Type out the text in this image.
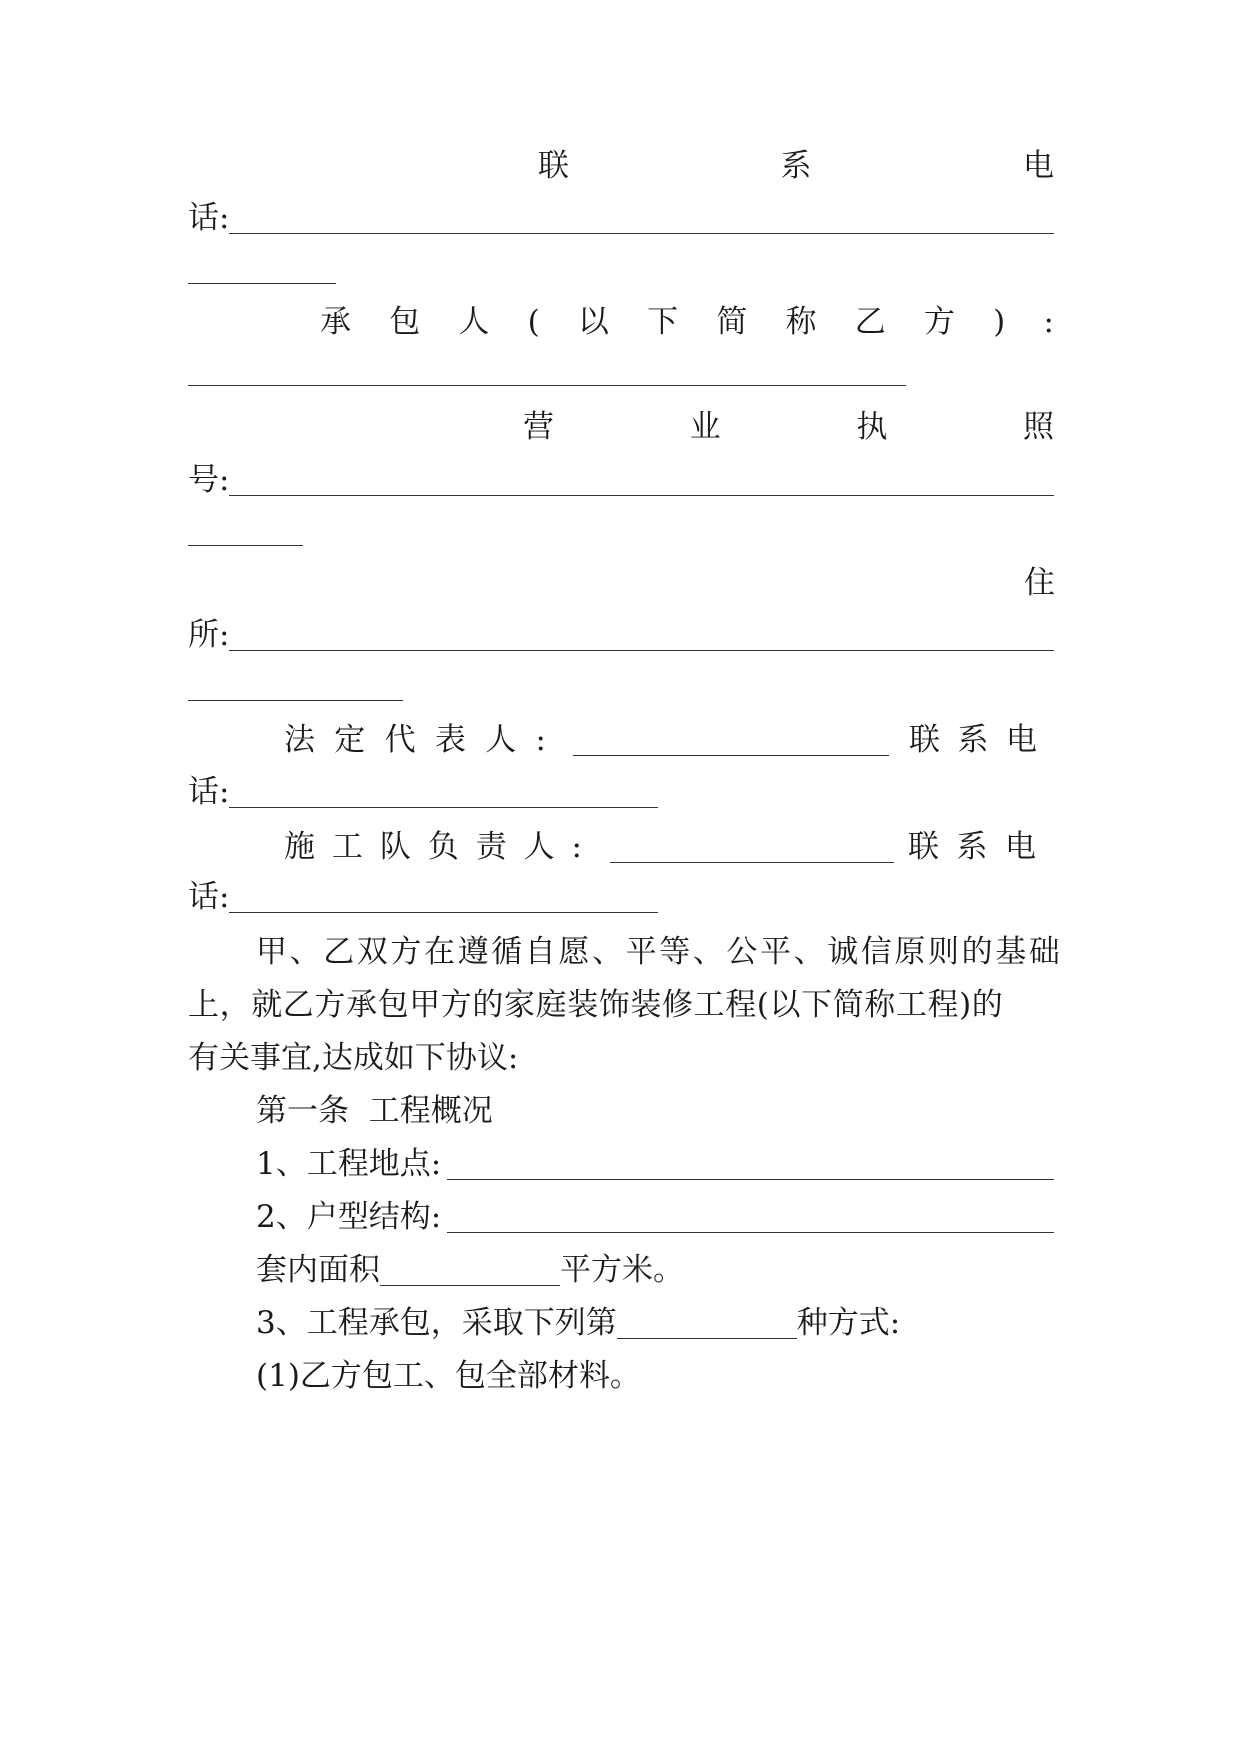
联	系	电
话:
承 包 人 ( 以 下 简 称 乙 方 ) :
营	业	执	照
号:
住
所:
法 定 代 表 人 :	联 系 电
话:
施 工 队 负 责 人 :	联 系 电
话:
甲、乙双方在遵循自愿、平等、公平、诚信原则的基础
上，就乙方承包甲方的家庭装饰装修工程(以下简称工程)的
有关事宜,达成如下协议:
第一条  工程概况
1、工程地点:
2、户型结构:
套内面积	平方米。
3、工程承包，采取下列第	种方式:
(1)乙方包工、包全部材料。
